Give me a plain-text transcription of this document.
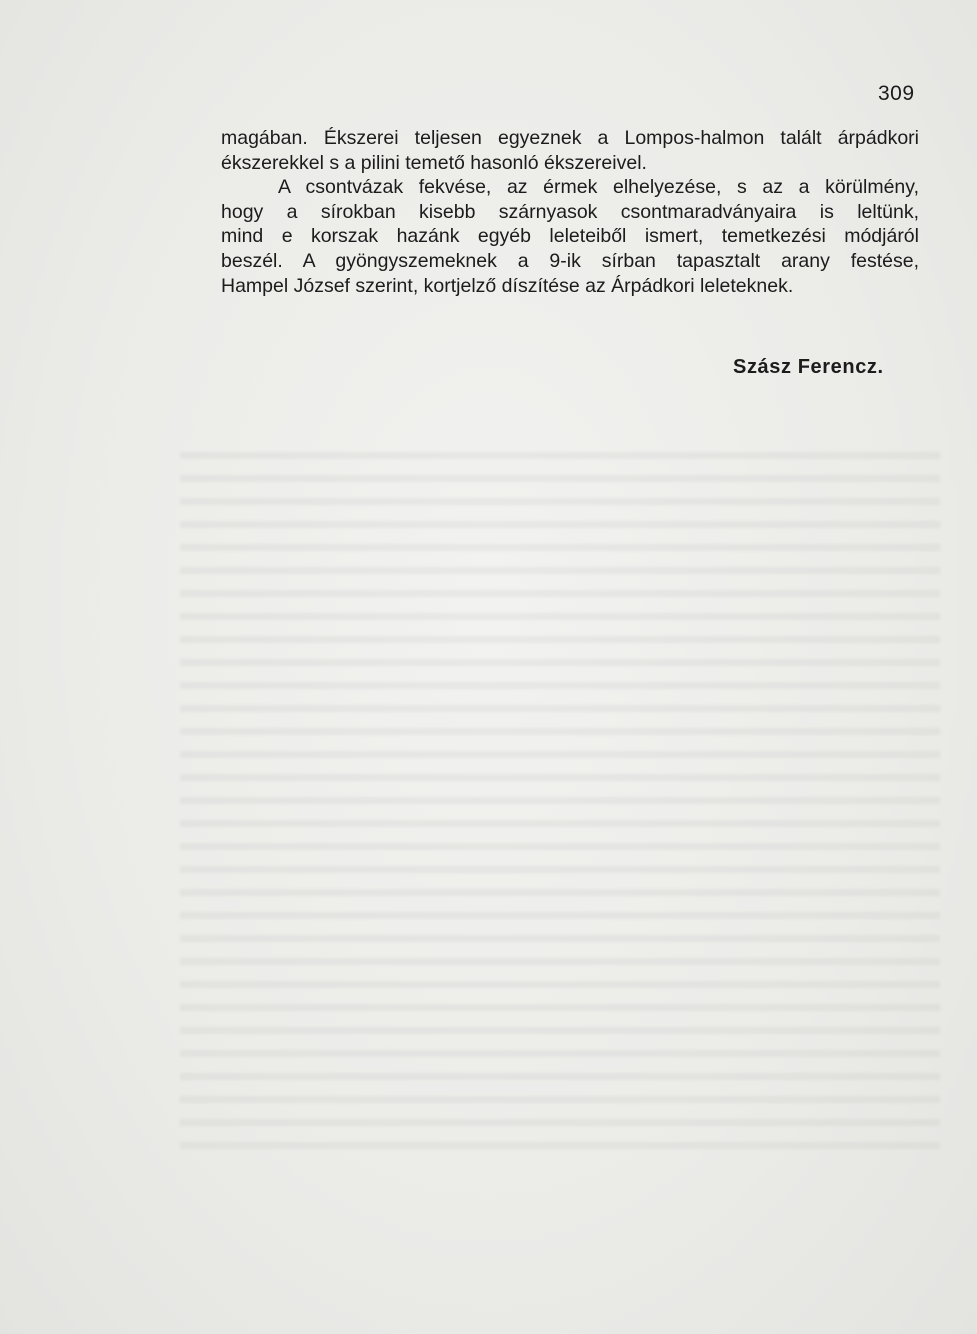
309
magában. Ékszerei teljesen egyeznek a Lompos-halmon talált árpádkori
ékszerekkel s a pilini temető hasonló ékszereivel.
A csontvázak fekvése, az érmek elhelyezése, s az a körülmény,
hogy a sírokban kisebb szárnyasok csontmaradványaira is leltünk,
mind e korszak hazánk egyéb leleteiből ismert, temetkezési módjáról
beszél. A gyöngyszemeknek a 9-ik sírban tapasztalt arany festése,
Hampel József szerint, kortjelző díszítése az Árpádkori leleteknek.
Szász Ferencz.
